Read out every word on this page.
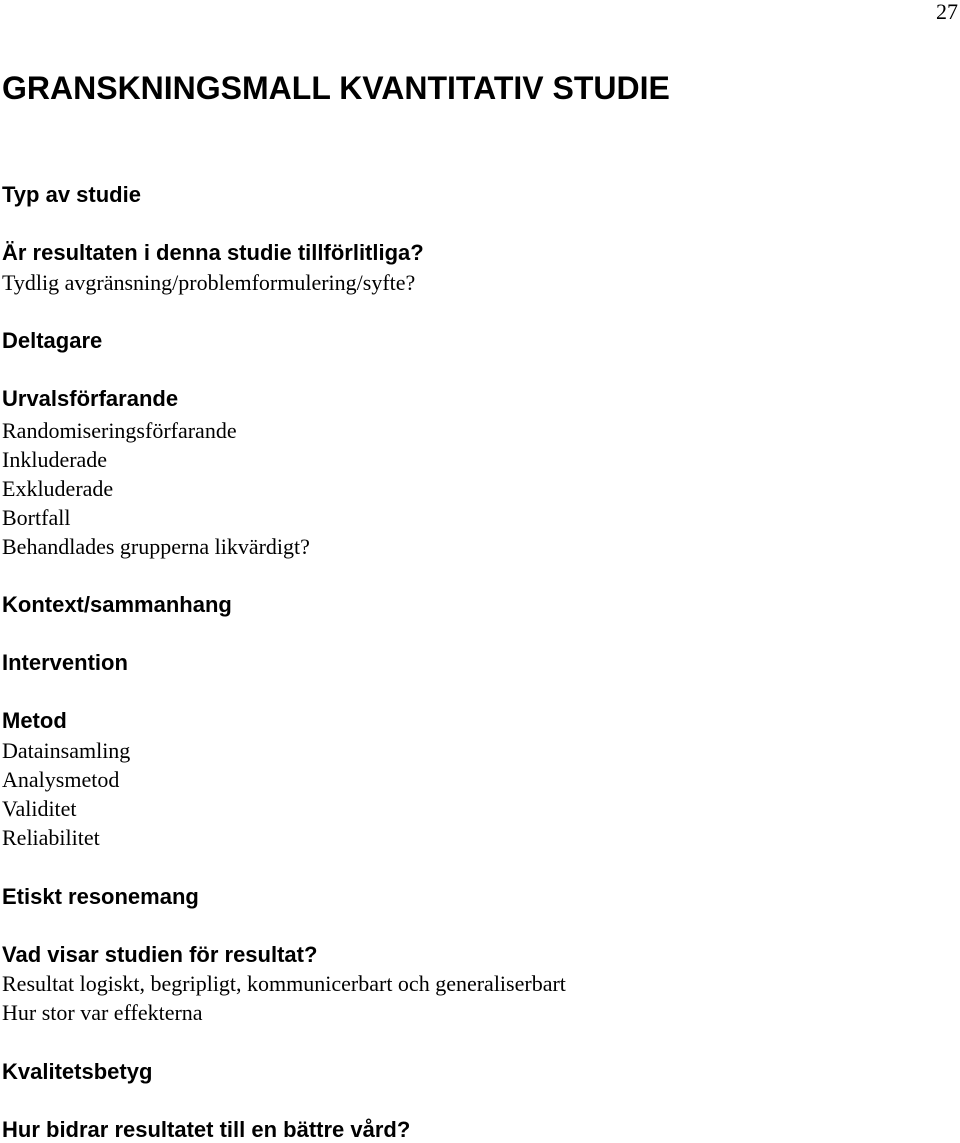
27
GRANSKNINGSMALL KVANTITATIV STUDIE

Typ av studie

Är resultaten i denna studie tillförlitliga?

Tydlig avgränsning/problemformulering/syfte?

Deltagare

Urvalsförfarande

Randomiseringsförfarande

Inkluderade

Exkluderade

Bortfall

Behandlades grupperna likvärdigt?

Kontext/sammanhang

Intervention

Metod

Datainsamling

Analysmetod

Validitet

Reliabilitet

Etiskt resonemang

Vad visar studien för resultat?

Resultat logiskt, begripligt, kommunicerbart och generaliserbart

Hur stor var effekterna

Kvalitetsbetyg

Hur bidrar resultatet till en bättre vård?
